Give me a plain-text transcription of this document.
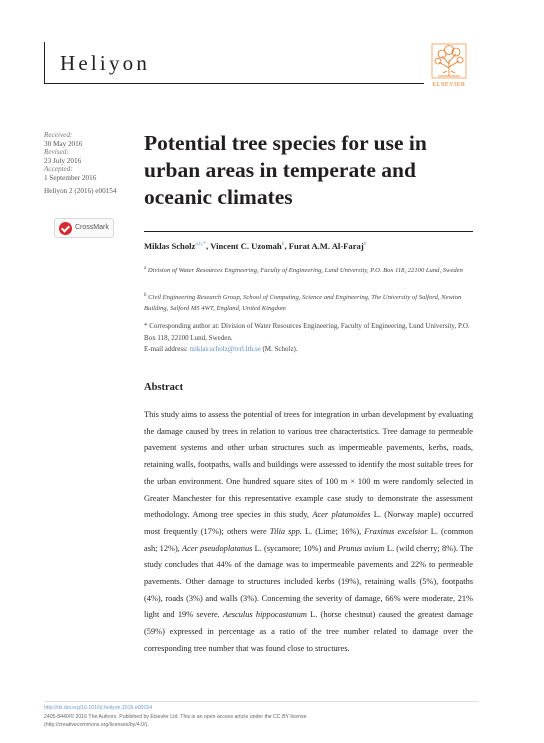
Heliyon
ELSEVIER
Received:
30 May 2016
Revised:
23 July 2016
Accepted:
1 September 2016
Heliyon 2 (2016) e00154
CrossMark
Potential tree species for use in urban areas in temperate and oceanic climates
Miklas Scholz$^{a,b,*}$, Vincent C. Uzomah$^b$, Furat A.M. Al-Faraj$^b$
$^a$ Division of Water Resources Engineering, Faculty of Engineering, Lund University, P.O. Box 118, 22100 Lund, Sweden
$^b$ Civil Engineering Research Group, School of Computing, Science and Engineering, The University of Salford, Newton Building, Salford M5 4WT, England, United Kingdom
* Corresponding author at: Division of Water Resources Engineering, Faculty of Engineering, Lund University, P.O. Box 118, 22100 Lund, Sweden.
E-mail address: miklas.scholz@tvrl.lth.se (M. Scholz).
Abstract
This study aims to assess the potential of trees for integration in urban development by evaluating the damage caused by trees in relation to various tree characteristics. Tree damage to permeable pavement systems and other urban structures such as impermeable pavements, kerbs, roads, retaining walls, footpaths, walls and buildings were assessed to identify the most suitable trees for the urban environment. One hundred square sites of 100 m × 100 m were randomly selected in Greater Manchester for this representative example case study to demonstrate the assessment methodology. Among tree species in this study, Acer platanoides L. (Norway maple) occurred most frequently (17%); others were Tilia spp. L. (Lime; 16%), Fraxinus excelsior L. (common ash; 12%), Acer pseudoplatanus L. (sycamore; 10%) and Prunus avium L. (wild cherry; 8%). The study concludes that 44% of the damage was to impermeable pavements and 22% to permeable pavements. Other damage to structures included kerbs (19%), retaining walls (5%), footpaths (4%), roads (3%) and walls (3%). Concerning the severity of damage, 66% were moderate, 21% light and 19% severe. Aesculus hippocastanum L. (horse chestnut) caused the greatest damage (59%) expressed in percentage as a ratio of the tree number related to damage over the corresponding tree number that was found close to structures.
http://dx.doi.org/10.1016/j.heliyon.2016.e00154
2405-8440/© 2016 The Authors. Published by Elsevier Ltd. This is an open access article under the CC BY license
(http://creativecommons.org/licenses/by/4.0/).
